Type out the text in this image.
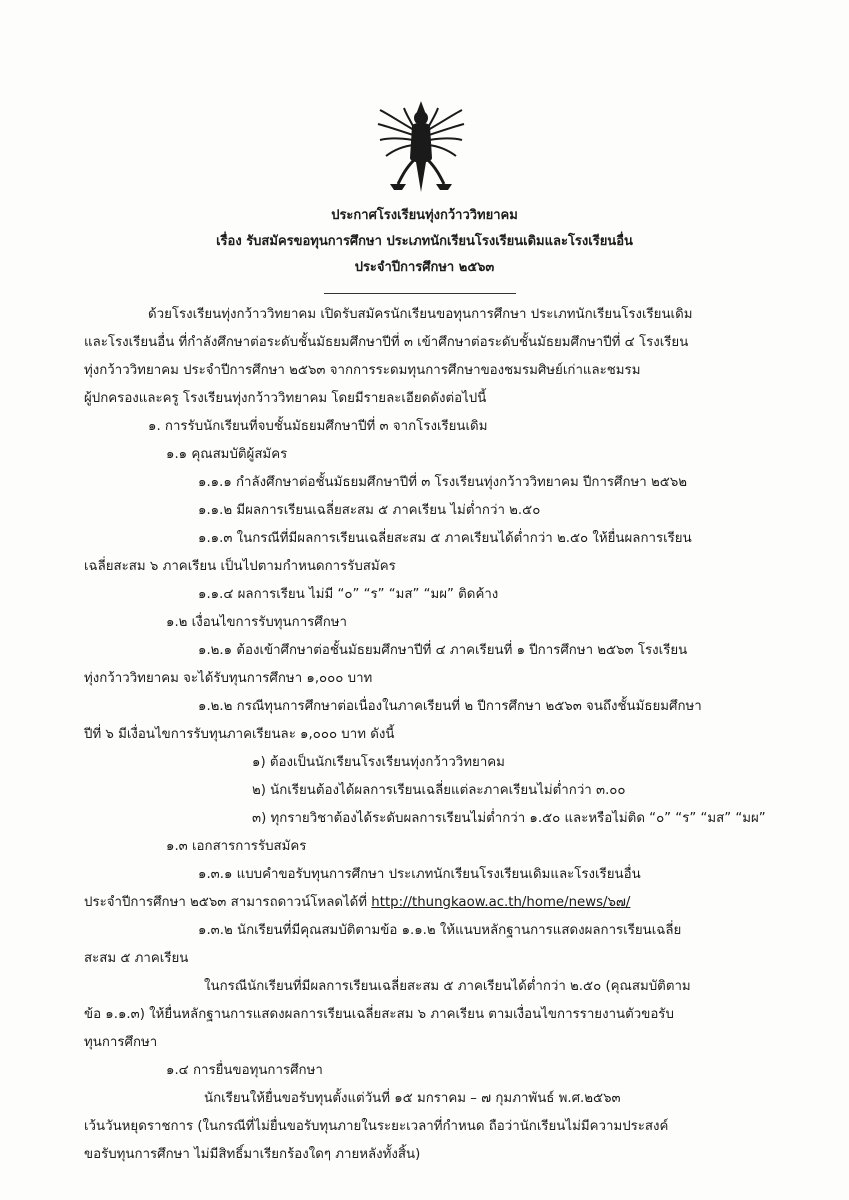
ประกาศโรงเรียนทุ่งกว้าววิทยาคม
เรื่อง รับสมัครขอทุนการศึกษา ประเภทนักเรียนโรงเรียนเดิมและโรงเรียนอื่น
ประจำปีการศึกษา ๒๕๖๓
ด้วยโรงเรียนทุ่งกว้าววิทยาคม เปิดรับสมัครนักเรียนขอทุนการศึกษา ประเภทนักเรียนโรงเรียนเดิม
และโรงเรียนอื่น ที่กำลังศึกษาต่อระดับชั้นมัธยมศึกษาปีที่ ๓ เข้าศึกษาต่อระดับชั้นมัธยมศึกษาปีที่ ๔ โรงเรียน
ทุ่งกว้าววิทยาคม ประจำปีการศึกษา ๒๕๖๓ จากการระดมทุนการศึกษาของชมรมศิษย์เก่าและชมรม
ผู้ปกครองและครู โรงเรียนทุ่งกว้าววิทยาคม โดยมีรายละเอียดดังต่อไปนี้
๑. การรับนักเรียนที่จบชั้นมัธยมศึกษาปีที่ ๓ จากโรงเรียนเดิม
๑.๑ คุณสมบัติผู้สมัคร
๑.๑.๑ กำลังศึกษาต่อชั้นมัธยมศึกษาปีที่ ๓ โรงเรียนทุ่งกว้าววิทยาคม ปีการศึกษา ๒๕๖๒
๑.๑.๒ มีผลการเรียนเฉลี่ยสะสม ๕ ภาคเรียน ไม่ต่ำกว่า ๒.๕๐
๑.๑.๓ ในกรณีที่มีผลการเรียนเฉลี่ยสะสม ๕ ภาคเรียนได้ต่ำกว่า ๒.๕๐ ให้ยื่นผลการเรียน
เฉลี่ยสะสม ๖ ภาคเรียน เป็นไปตามกำหนดการรับสมัคร
๑.๑.๔ ผลการเรียน ไม่มี “๐” “ร” “มส” “มผ” ติดค้าง
๑.๒ เงื่อนไขการรับทุนการศึกษา
๑.๒.๑ ต้องเข้าศึกษาต่อชั้นมัธยมศึกษาปีที่ ๔ ภาคเรียนที่ ๑ ปีการศึกษา ๒๕๖๓ โรงเรียน
ทุ่งกว้าววิทยาคม จะได้รับทุนการศึกษา ๑,๐๐๐ บาท
๑.๒.๒ กรณีทุนการศึกษาต่อเนื่องในภาคเรียนที่ ๒ ปีการศึกษา ๒๕๖๓ จนถึงชั้นมัธยมศึกษา
ปีที่ ๖ มีเงื่อนไขการรับทุนภาคเรียนละ ๑,๐๐๐ บาท ดังนี้
๑) ต้องเป็นนักเรียนโรงเรียนทุ่งกว้าววิทยาคม
๒) นักเรียนต้องได้ผลการเรียนเฉลี่ยแต่ละภาคเรียนไม่ต่ำกว่า ๓.๐๐
๓) ทุกรายวิชาต้องได้ระดับผลการเรียนไม่ต่ำกว่า ๑.๕๐ และหรือไม่ติด “๐” “ร” “มส” “มผ”
๑.๓ เอกสารการรับสมัคร
๑.๓.๑ แบบคำขอรับทุนการศึกษา ประเภทนักเรียนโรงเรียนเดิมและโรงเรียนอื่น
ประจำปีการศึกษา ๒๕๖๓ สามารถดาวน์โหลดได้ที่ http://thungkaow.ac.th/home/news/๖๗/
๑.๓.๒ นักเรียนที่มีคุณสมบัติตามข้อ ๑.๑.๒ ให้แนบหลักฐานการแสดงผลการเรียนเฉลี่ย
สะสม ๕ ภาคเรียน
ในกรณีนักเรียนที่มีผลการเรียนเฉลี่ยสะสม ๕ ภาคเรียนได้ต่ำกว่า ๒.๕๐ (คุณสมบัติตาม
ข้อ ๑.๑.๓) ให้ยื่นหลักฐานการแสดงผลการเรียนเฉลี่ยสะสม ๖ ภาคเรียน ตามเงื่อนไขการรายงานตัวขอรับ
ทุนการศึกษา
๑.๔ การยื่นขอทุนการศึกษา
นักเรียนให้ยื่นขอรับทุนตั้งแต่วันที่ ๑๕ มกราคม – ๗ กุมภาพันธ์ พ.ศ.๒๕๖๓
เว้นวันหยุดราชการ (ในกรณีที่ไม่ยื่นขอรับทุนภายในระยะเวลาที่กำหนด ถือว่านักเรียนไม่มีความประสงค์
ขอรับทุนการศึกษา ไม่มีสิทธิ์มาเรียกร้องใดๆ ภายหลังทั้งสิ้น)
